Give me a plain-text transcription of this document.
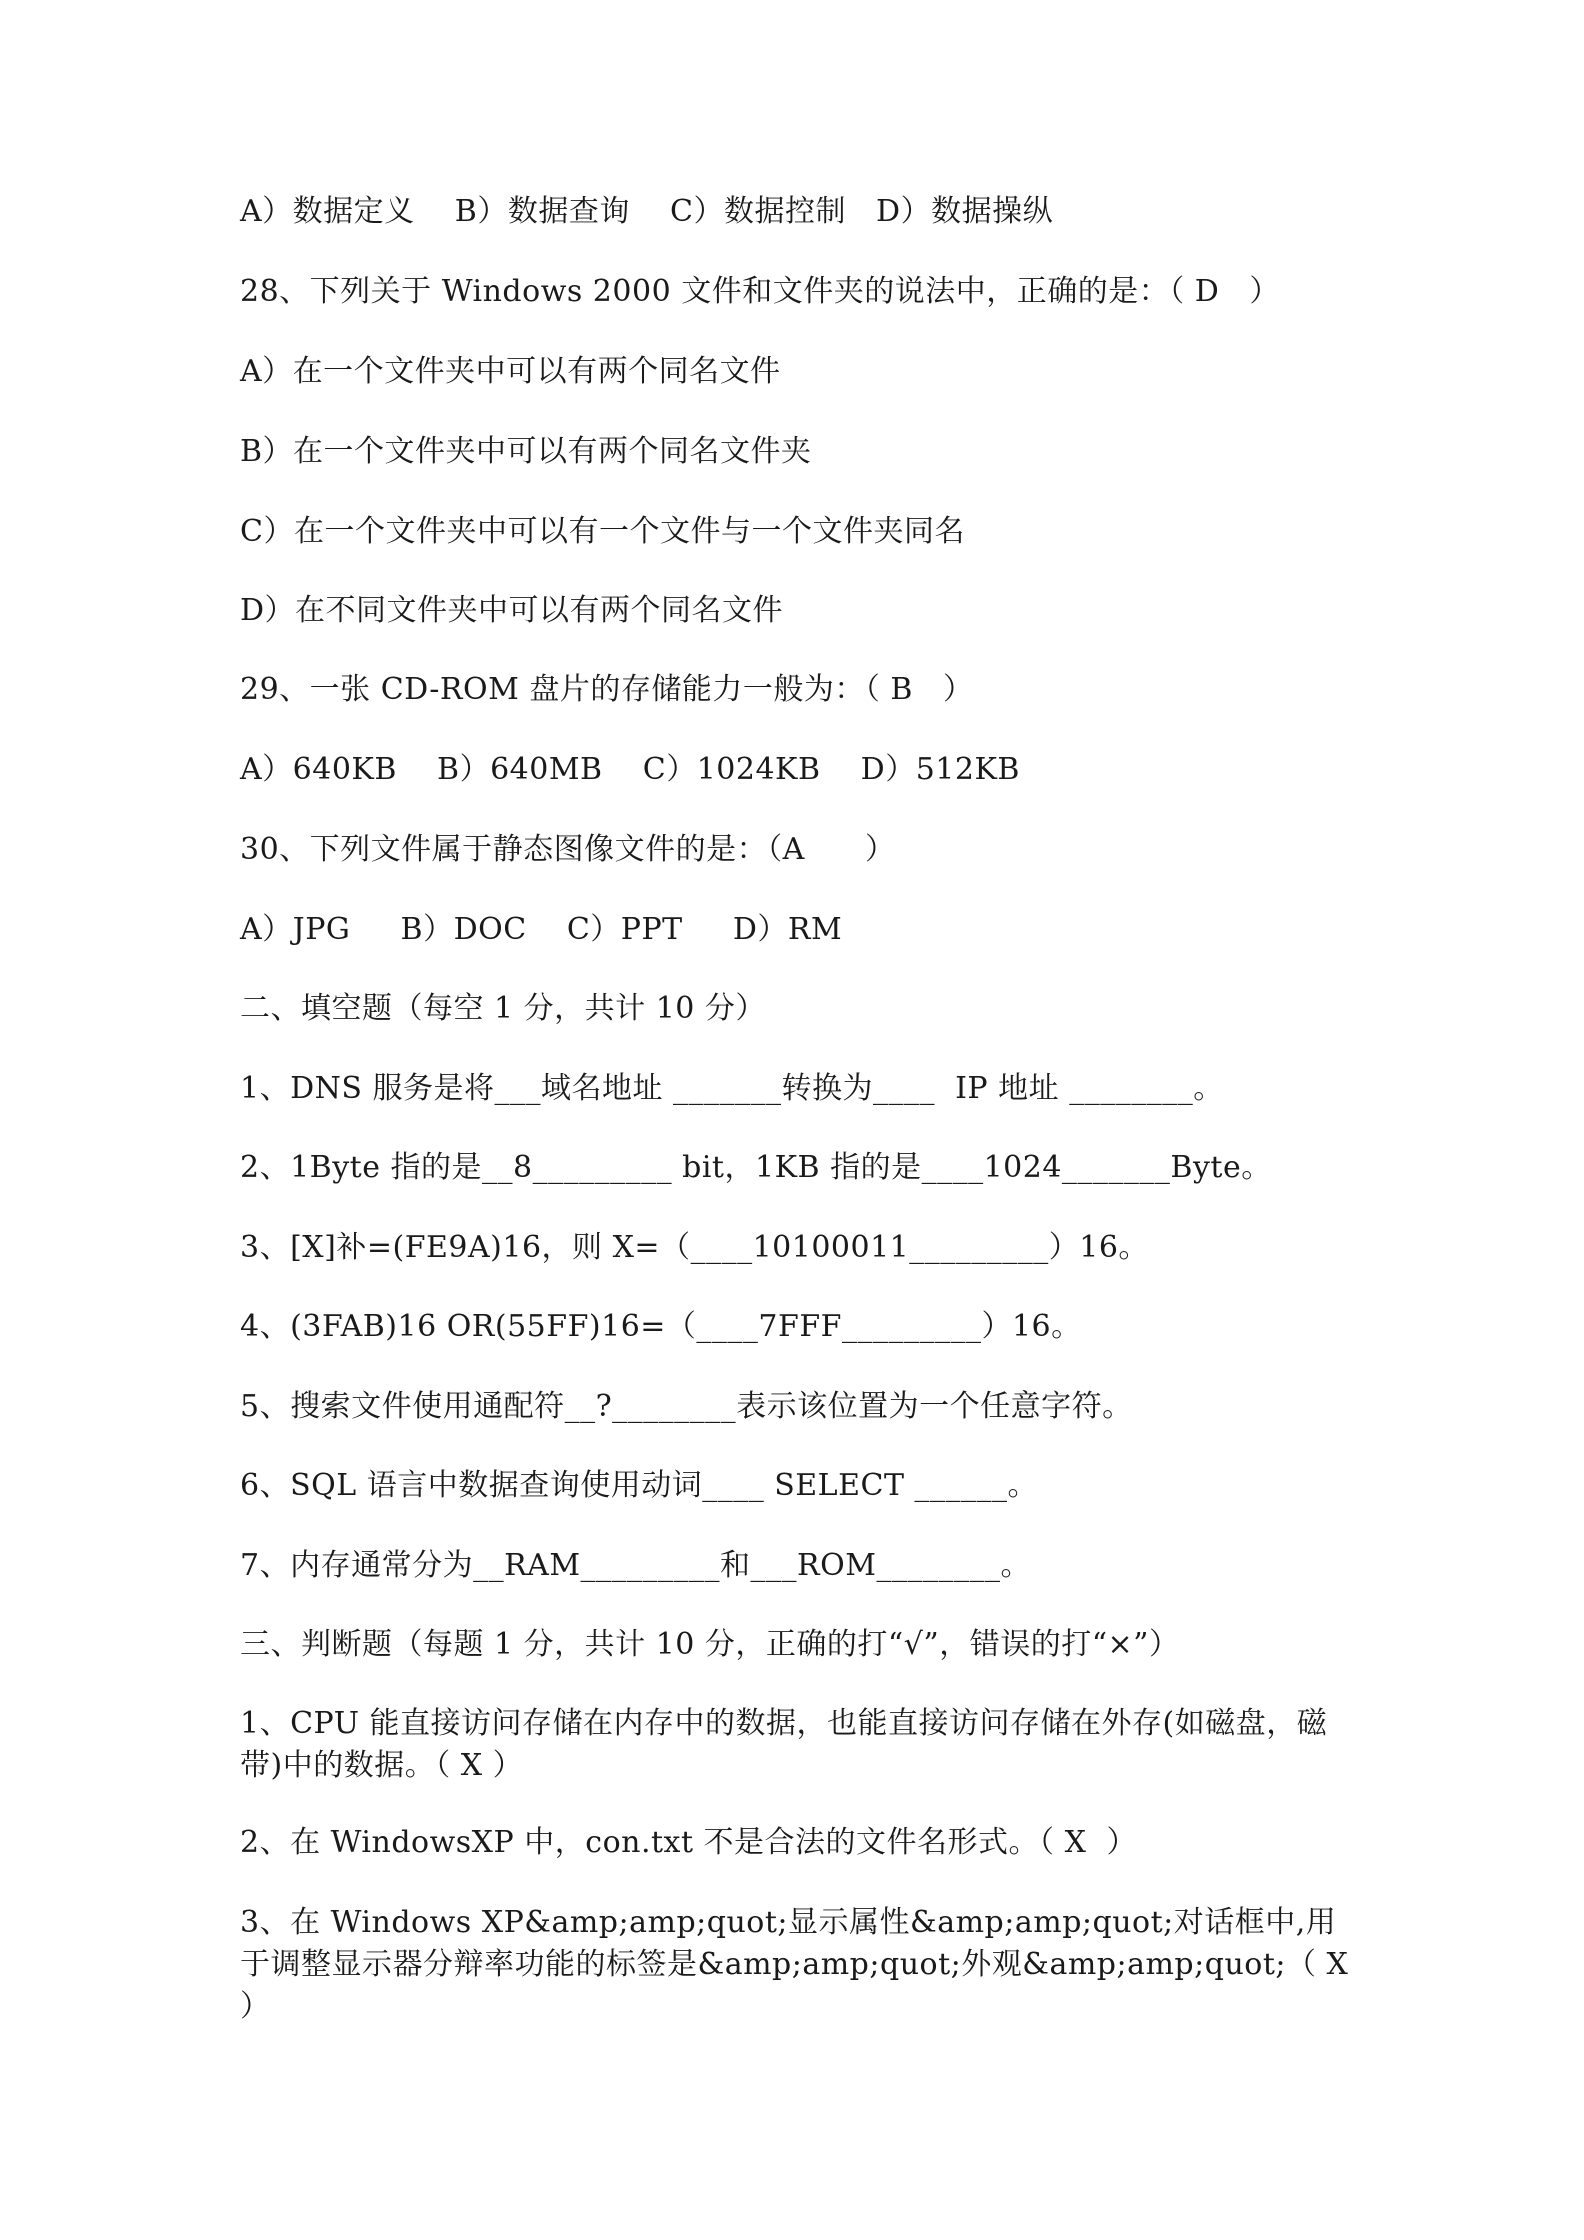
A）数据定义    B）数据查询    C）数据控制   D）数据操纵
28、下列关于 Windows 2000 文件和文件夹的说法中，正确的是：（ D   ）
A）在一个文件夹中可以有两个同名文件
B）在一个文件夹中可以有两个同名文件夹
C）在一个文件夹中可以有一个文件与一个文件夹同名
D）在不同文件夹中可以有两个同名文件
29、一张 CD-ROM 盘片的存储能力一般为：（ B   ）
A）640KB    B）640MB    C）1024KB    D）512KB
30、下列文件属于静态图像文件的是：（A      ）
A）JPG     B）DOC    C）PPT     D）RM
二、填空题（每空 1 分，共计 10 分）
1、DNS 服务是将___域名地址 _______转换为____  IP 地址 ________。
2、1Byte 指的是__8_________ bit，1KB 指的是____1024_______Byte。
3、[X]补=(FE9A)16，则 X=（____10100011_________）16。
4、(3FAB)16 OR(55FF)16=（____7FFF_________）16。
5、搜索文件使用通配符__?________表示该位置为一个任意字符。
6、SQL 语言中数据查询使用动词____ SELECT ______。
7、内存通常分为__RAM_________和___ROM________。
三、判断题（每题 1 分，共计 10 分，正确的打“√”，错误的打“×”）
1、CPU 能直接访问存储在内存中的数据，也能直接访问存储在外存(如磁盘，磁带)中的数据。（ X ）
2、在 WindowsXP 中，con.txt 不是合法的文件名形式。（ X  ）
3、在 Windows XP&amp;amp;quot;显示属性&amp;amp;quot;对话框中,用于调整显示器分辩率功能的标签是&amp;amp;quot;外观&amp;amp;quot;（ X ）
